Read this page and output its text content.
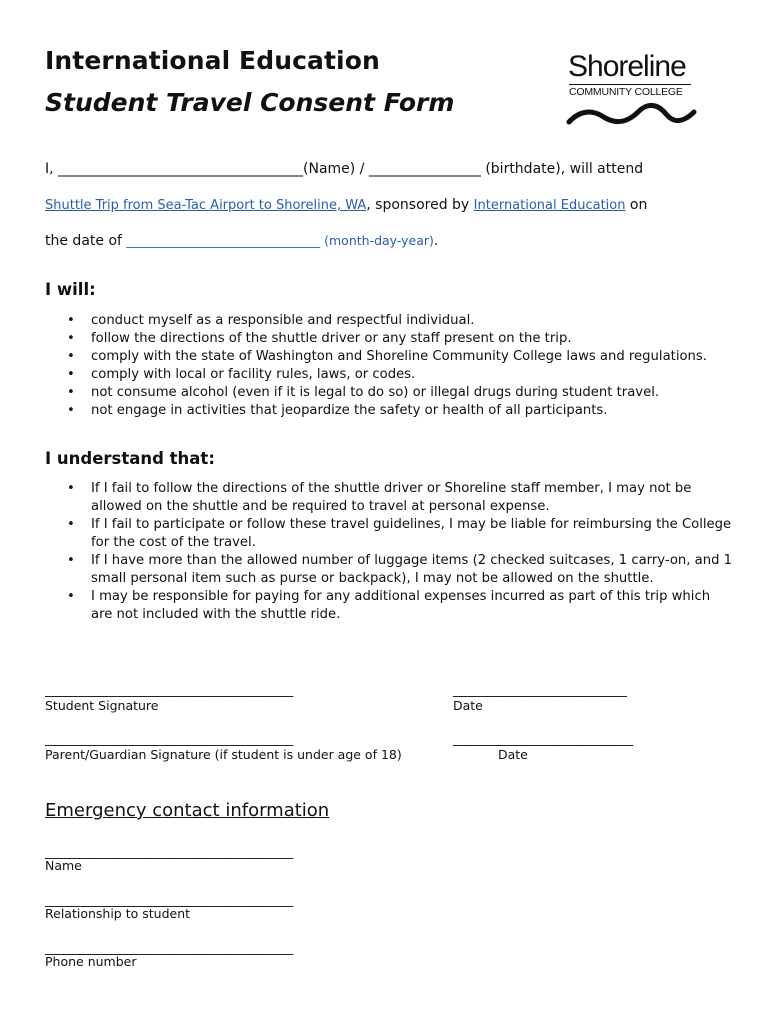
International Education
Student Travel Consent Form
Shoreline
COMMUNITY COLLEGE
I, ___________________________________(Name) / ________________ (birthdate), will attend
Shuttle Trip from Sea-Tac Airport to Shoreline, WA, sponsored by International Education on
the date of _______________________________ (month-day-year).
I will:
• conduct myself as a responsible and respectful individual.
• follow the directions of the shuttle driver or any staff present on the trip.
• comply with the state of Washington and Shoreline Community College laws and regulations.
• comply with local or facility rules, laws, or codes.
• not consume alcohol (even if it is legal to do so) or illegal drugs during student travel.
• not engage in activities that jeopardize the safety or health of all participants.
I understand that:
• If I fail to follow the directions of the shuttle driver or Shoreline staff member, I may not be allowed on the shuttle and be required to travel at personal expense.
• If I fail to participate or follow these travel guidelines, I may be liable for reimbursing the College for the cost of the travel.
• If I have more than the allowed number of luggage items (2 checked suitcases, 1 carry-on, and 1 small personal item such as purse or backpack), I may not be allowed on the shuttle.
• I may be responsible for paying for any additional expenses incurred as part of this trip which are not included with the shuttle ride.
________________________________________	____________________________
Student Signature	Date
________________________________________	_____________________________
Parent/Guardian Signature (if student is under age of 18)	Date
Emergency contact information
________________________________________
Name
________________________________________
Relationship to student
________________________________________
Phone number
